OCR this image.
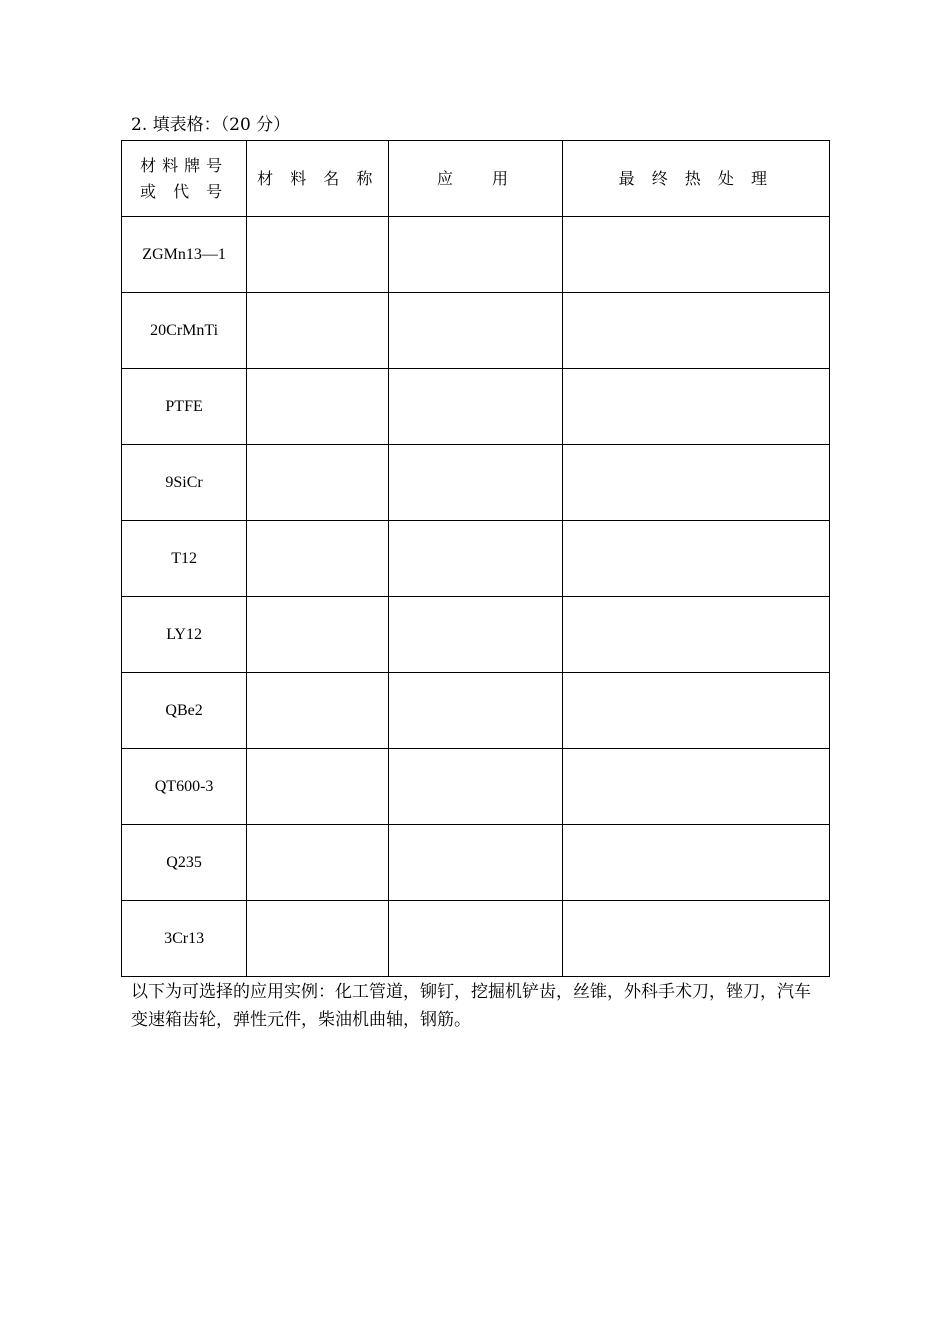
2. 填表格：（20 分）
材料牌号 或 代 号	材 料 名 称	应　 用	最 终 热 处 理
ZGMn13—1			
20CrMnTi			
PTFE			
9SiCr			
T12			
LY12			
QBe2			
QT600-3			
Q235			
3Cr13			
以下为可选择的应用实例：化工管道，铆钉，挖掘机铲齿，丝锥，外科手术刀，锉刀，汽车变速箱齿轮，弹性元件，柴油机曲轴，钢筋。
